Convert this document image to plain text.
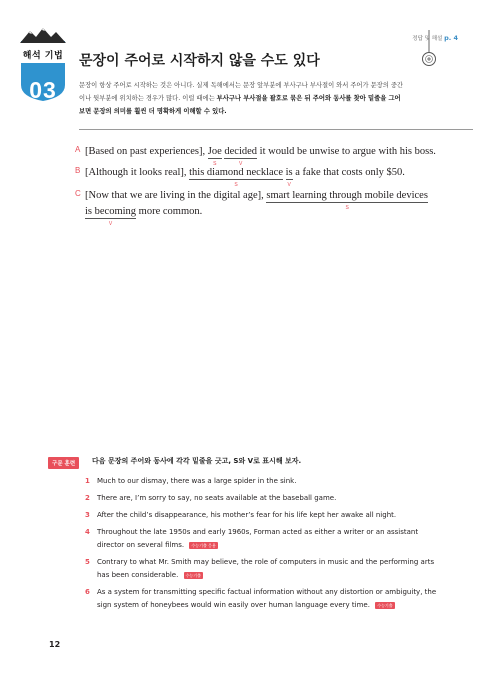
정답 및 해설 p. 4
해석 기법
03
문장이 주어로 시작하지 않을 수도 있다
문장이 항상 주어로 시작하는 것은 아니다. 실제 독해에서는 문장 앞부분에 부사구나 부사절이 와서 주어가 문장의 중간
이나 뒷부분에 위치하는 경우가 많다. 이럴 때에는 부사구나 부사절을 괄호로 묶은 뒤 주어와 동사를 찾아 밑줄을 그어
보면 문장의 의미를 훨씬 더 명확하게 이해할 수 있다.
A [Based on past experiences], Joe
S
decided
V
it would be unwise to argue with his boss.
B [Although it looks real], this diamond necklace
S
is
V
a fake that costs only $50.
C [Now that we are living in the digital age], smart learning through mobile devices
S
is becoming
V
more common.
구문 훈련	다음 문장의 주어와 동사에 각각 밑줄을 긋고, S와 V로 표시해 보자.
1 Much to our dismay, there was a large spider in the sink.
2 There are, I’m sorry to say, no seats available at the baseball game.
3 After the child’s disappearance, his mother’s fear for his life kept her awake all night.
4 Throughout the late 1950s and early 1960s, Forman acted as either a writer or an assistant director on several films. 수능기출 응용
5 Contrary to what Mr. Smith may believe, the role of computers in music and the performing arts has been considerable. 수능기출
6 As a system for transmitting specific factual information without any distortion or ambiguity, the sign system of honeybees would win easily over human language every time. 수능기출
12
